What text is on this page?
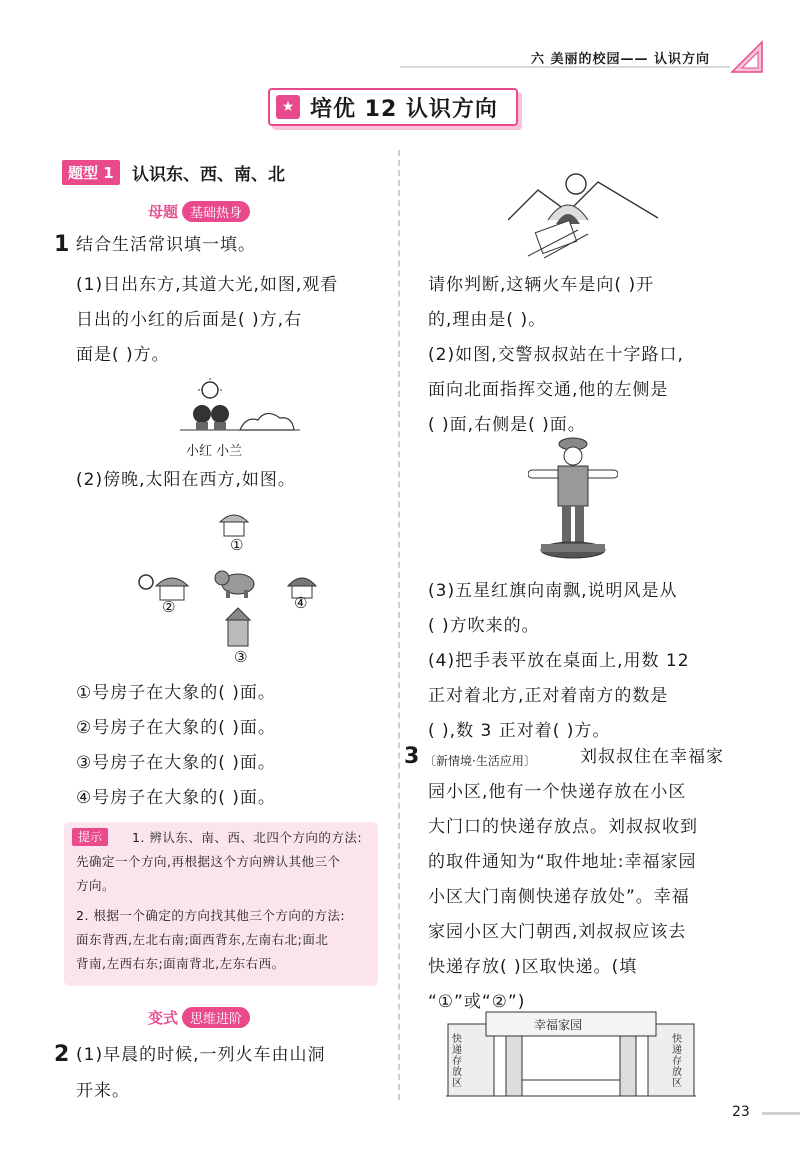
六 美丽的校园—— 认识方向
★ 培优 12 认识方向
题型 1	认识东、西、南、北
母题 基础热身
1 结合生活常识填一填。
(1)日出东方,其道大光,如图,观看
日出的小红的后面是( )方,右
面是( )方。
小红 小兰
(2)傍晚,太阳在西方,如图。
①
②
③
④
①号房子在大象的( )面。
②号房子在大象的( )面。
③号房子在大象的( )面。
④号房子在大象的( )面。
提示	1. 辨认东、南、西、北四个方向的方法:
先确定一个方向,再根据这个方向辨认其他三个
方向。
2. 根据一个确定的方向找其他三个方向的方法:
面东背西,左北右南;面西背东,左南右北;面北
背南,左西右东;面南背北,左东右西。
变式 思维进阶
2 (1)早晨的时候,一列火车由山洞
开来。
请你判断,这辆火车是向( )开
的,理由是( )。
(2)如图,交警叔叔站在十字路口,
面向北面指挥交通,他的左侧是
( )面,右侧是( )面。
(3)五星红旗向南飘,说明风是从
( )方吹来的。
(4)把手表平放在桌面上,用数 12
正对着北方,正对着南方的数是
( ),数 3 正对着( )方。
3 〔新情境·生活应用〕	刘叔叔住在幸福家
园小区,他有一个快递存放在小区
大门口的快递存放点。刘叔叔收到
的取件通知为“取件地址:幸福家园
小区大门南侧快递存放处”。幸福
家园小区大门朝西,刘叔叔应该去
快递存放( )区取快递。(填
“①”或“②”)
幸福家园
快递存放区
快递存放区
23
